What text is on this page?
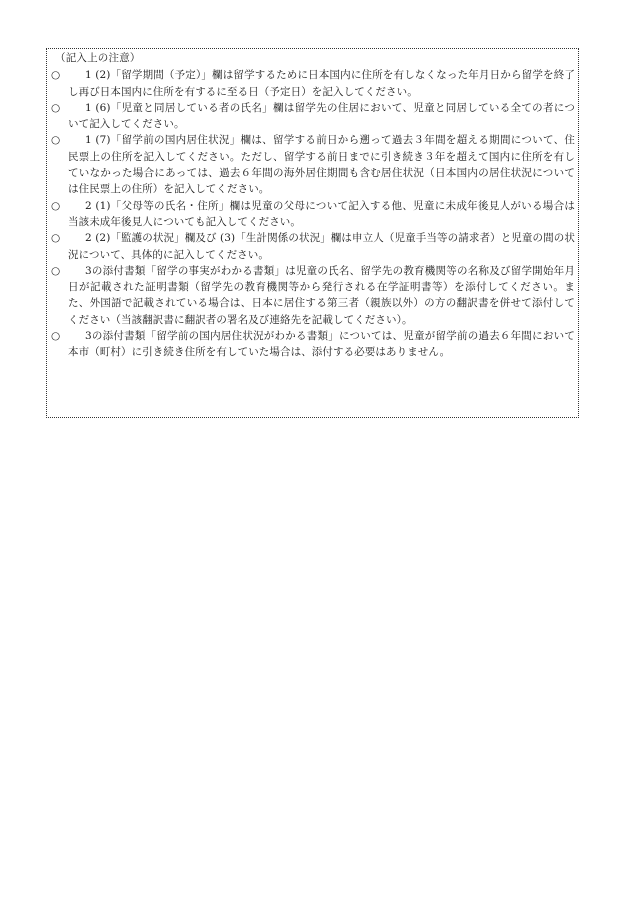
（記入上の注意）
○	1 (2)「留学期間（予定）」欄は留学するために日本国内に住所を有しなくなった年月日から留学を終了し再び日本国内に住所を有するに至る日（予定日）を記入してください。
○	1 (6)「児童と同居している者の氏名」欄は留学先の住居において、児童と同居している全ての者について記入してください。
○	1 (7)「留学前の国内居住状況」欄は、留学する前日から遡って過去３年間を超える期間について、住民票上の住所を記入してください。ただし、留学する前日までに引き続き３年を超えて国内に住所を有していなかった場合にあっては、過去６年間の海外居住期間も含む居住状況（日本国内の居住状況については住民票上の住所）を記入してください。
○	2 (1)「父母等の氏名・住所」欄は児童の父母について記入する他、児童に未成年後見人がいる場合は当該未成年後見人についても記入してください。
○	2 (2)「監護の状況」欄及び (3)「生計関係の状況」欄は申立人（児童手当等の請求者）と児童の間の状況について、具体的に記入してください。
○	3の添付書類「留学の事実がわかる書類」は児童の氏名、留学先の教育機関等の名称及び留学開始年月日が記載された証明書類（留学先の教育機関等から発行される在学証明書等）を添付してください。また、外国語で記載されている場合は、日本に居住する第三者（親族以外）の方の翻訳書を併せて添付してください（当該翻訳書に翻訳者の署名及び連絡先を記載してください）。
○	3の添付書類「留学前の国内居住状況がわかる書類」については、児童が留学前の過去６年間において本市（町村）に引き続き住所を有していた場合は、添付する必要はありません。
